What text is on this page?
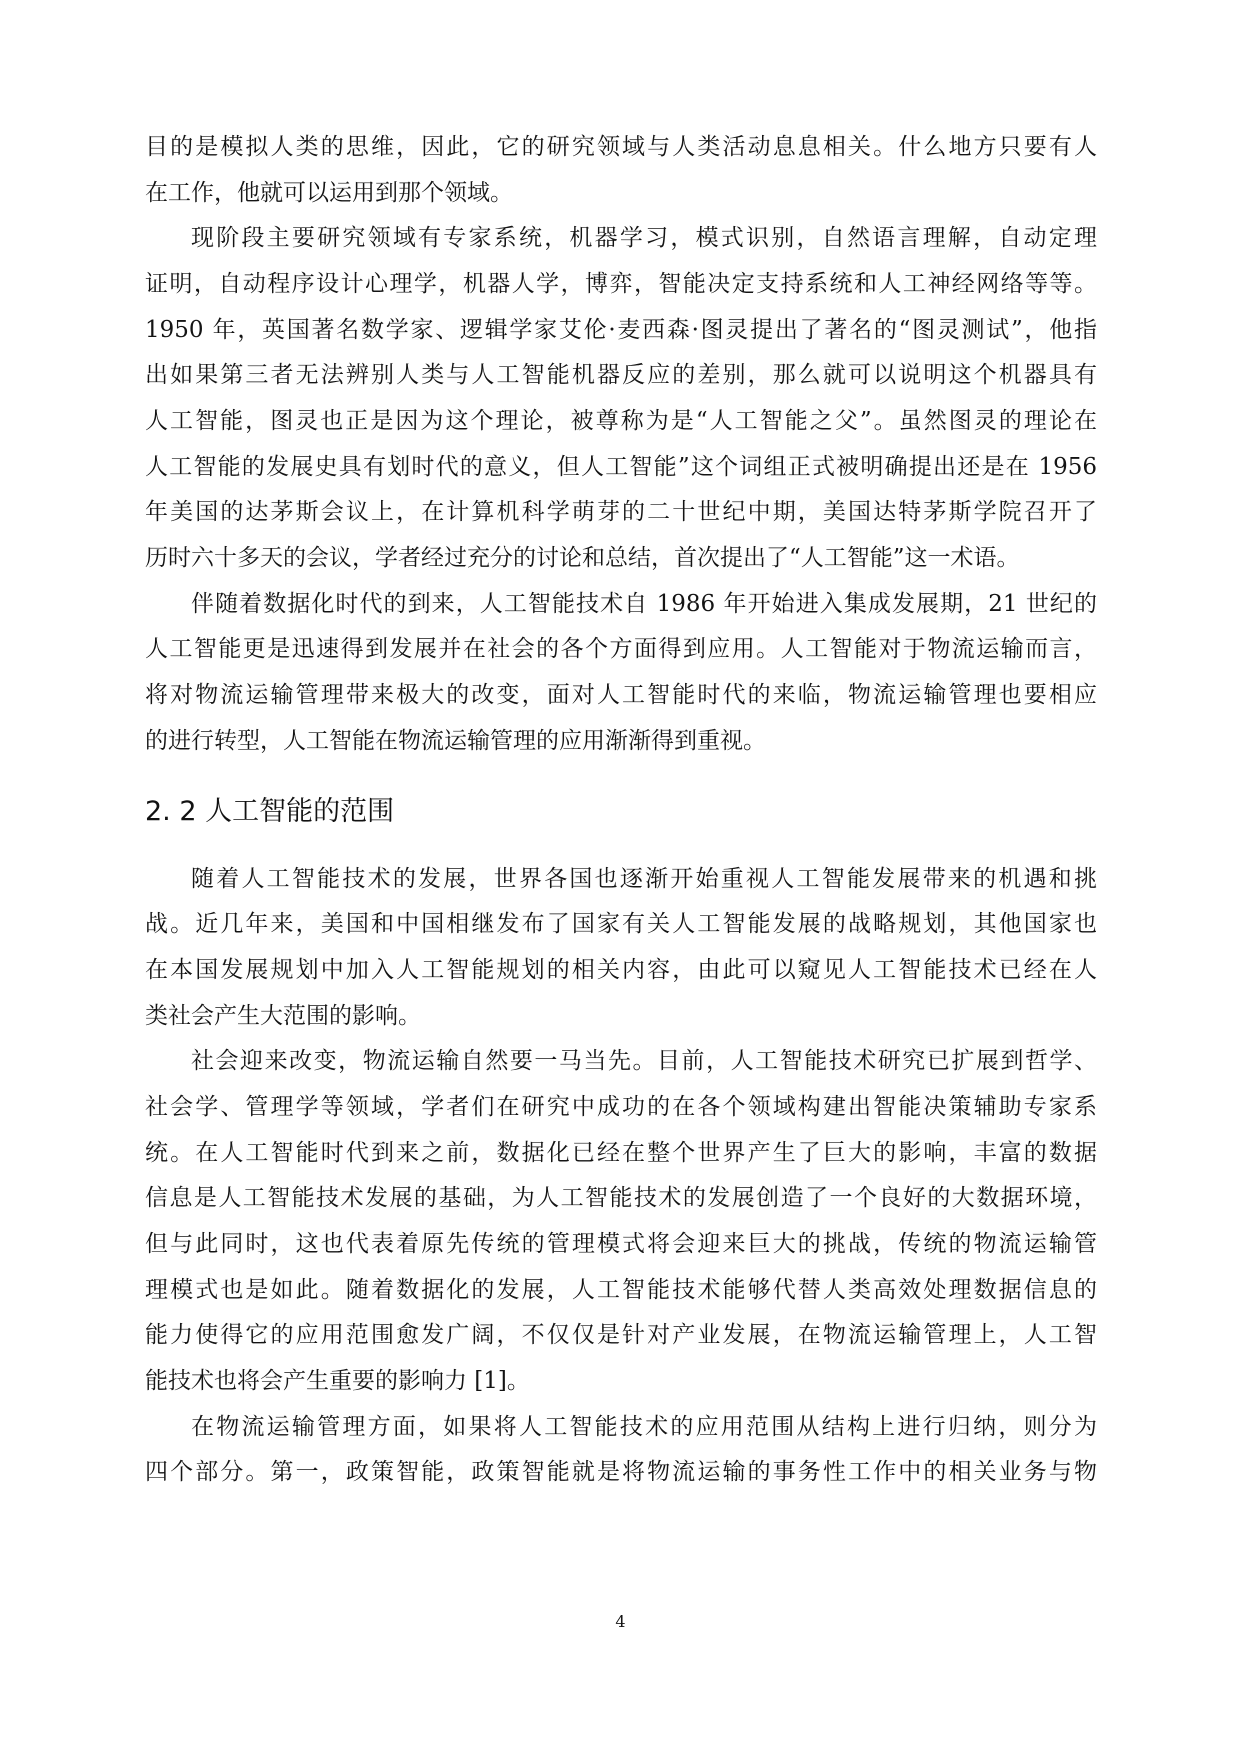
目的是模拟人类的思维，因此，它的研究领域与人类活动息息相关。什么地方只要有人
在工作，他就可以运用到那个领域。
现阶段主要研究领域有专家系统，机器学习，模式识别，自然语言理解，自动定理
证明，自动程序设计心理学，机器人学，博弈，智能决定支持系统和人工神经网络等等。
1950 年，英国著名数学家、逻辑学家艾伦·麦西森·图灵提出了著名的“图灵测试”，他指
出如果第三者无法辨别人类与人工智能机器反应的差别，那么就可以说明这个机器具有
人工智能，图灵也正是因为这个理论，被尊称为是“人工智能之父”。虽然图灵的理论在
人工智能的发展史具有划时代的意义，但人工智能”这个词组正式被明确提出还是在 1956
年美国的达茅斯会议上，在计算机科学萌芽的二十世纪中期，美国达特茅斯学院召开了
历时六十多天的会议，学者经过充分的讨论和总结，首次提出了“人工智能”这一术语。
伴随着数据化时代的到来，人工智能技术自 1986 年开始进入集成发展期，21 世纪的
人工智能更是迅速得到发展并在社会的各个方面得到应用。人工智能对于物流运输而言，
将对物流运输管理带来极大的改变，面对人工智能时代的来临，物流运输管理也要相应
的进行转型，人工智能在物流运输管理的应用渐渐得到重视。
2. 2 人工智能的范围
随着人工智能技术的发展，世界各国也逐渐开始重视人工智能发展带来的机遇和挑
战。近几年来，美国和中国相继发布了国家有关人工智能发展的战略规划，其他国家也
在本国发展规划中加入人工智能规划的相关内容，由此可以窥见人工智能技术已经在人
类社会产生大范围的影响。
社会迎来改变，物流运输自然要一马当先。目前，人工智能技术研究已扩展到哲学、
社会学、管理学等领域，学者们在研究中成功的在各个领域构建出智能决策辅助专家系
统。在人工智能时代到来之前，数据化已经在整个世界产生了巨大的影响，丰富的数据
信息是人工智能技术发展的基础，为人工智能技术的发展创造了一个良好的大数据环境，
但与此同时，这也代表着原先传统的管理模式将会迎来巨大的挑战，传统的物流运输管
理模式也是如此。随着数据化的发展，人工智能技术能够代替人类高效处理数据信息的
能力使得它的应用范围愈发广阔，不仅仅是针对产业发展，在物流运输管理上，人工智
能技术也将会产生重要的影响力 [1]。
在物流运输管理方面，如果将人工智能技术的应用范围从结构上进行归纳，则分为
四个部分。第一，政策智能，政策智能就是将物流运输的事务性工作中的相关业务与物
4
